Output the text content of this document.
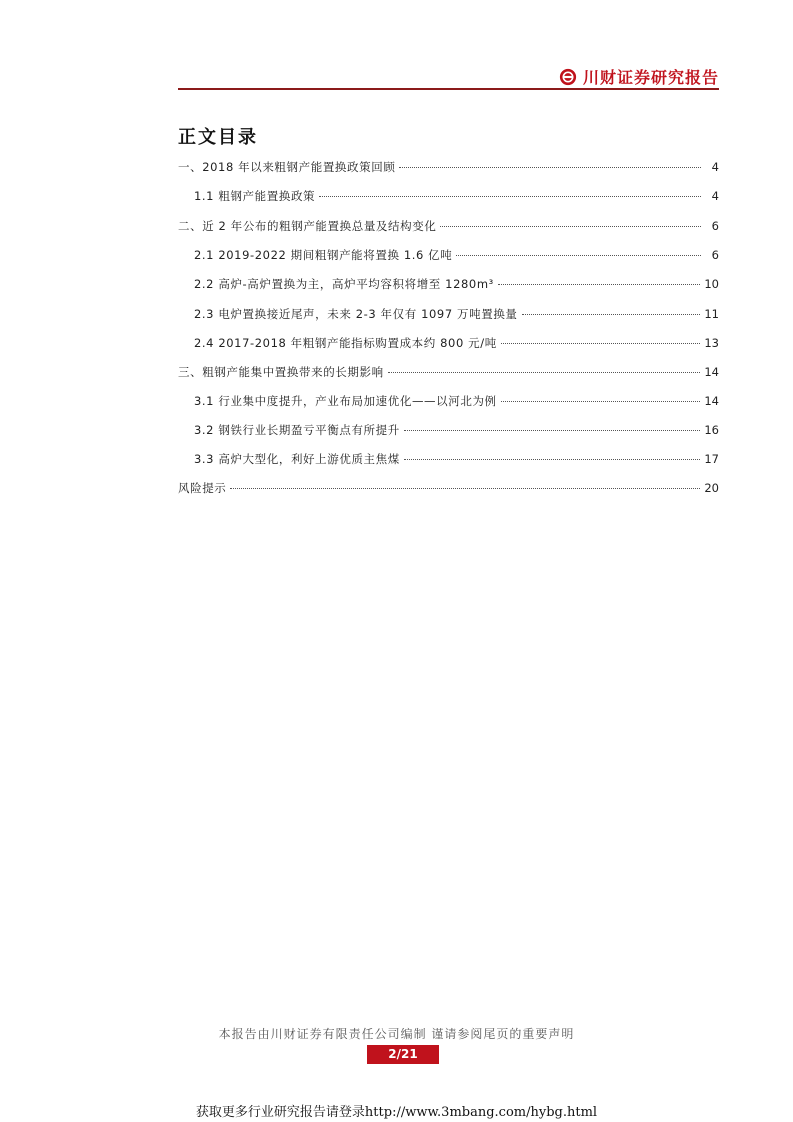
川财证券研究报告
正文目录
一、2018 年以来粗钢产能置换政策回顾	4
1.1 粗钢产能置换政策	4
二、近 2 年公布的粗钢产能置换总量及结构变化	6
2.1 2019-2022 期间粗钢产能将置换 1.6 亿吨	6
2.2 高炉-高炉置换为主，高炉平均容积将增至 1280m³	10
2.3 电炉置换接近尾声，未来 2-3 年仅有 1097 万吨置换量	11
2.4 2017-2018 年粗钢产能指标购置成本约 800 元/吨	13
三、粗钢产能集中置换带来的长期影响	14
3.1 行业集中度提升，产业布局加速优化——以河北为例	14
3.2 钢铁行业长期盈亏平衡点有所提升	16
3.3 高炉大型化，利好上游优质主焦煤	17
风险提示	20
本报告由川财证券有限责任公司编制 谨请参阅尾页的重要声明
2/21
获取更多行业研究报告请登录http://www.3mbang.com/hybg.html
